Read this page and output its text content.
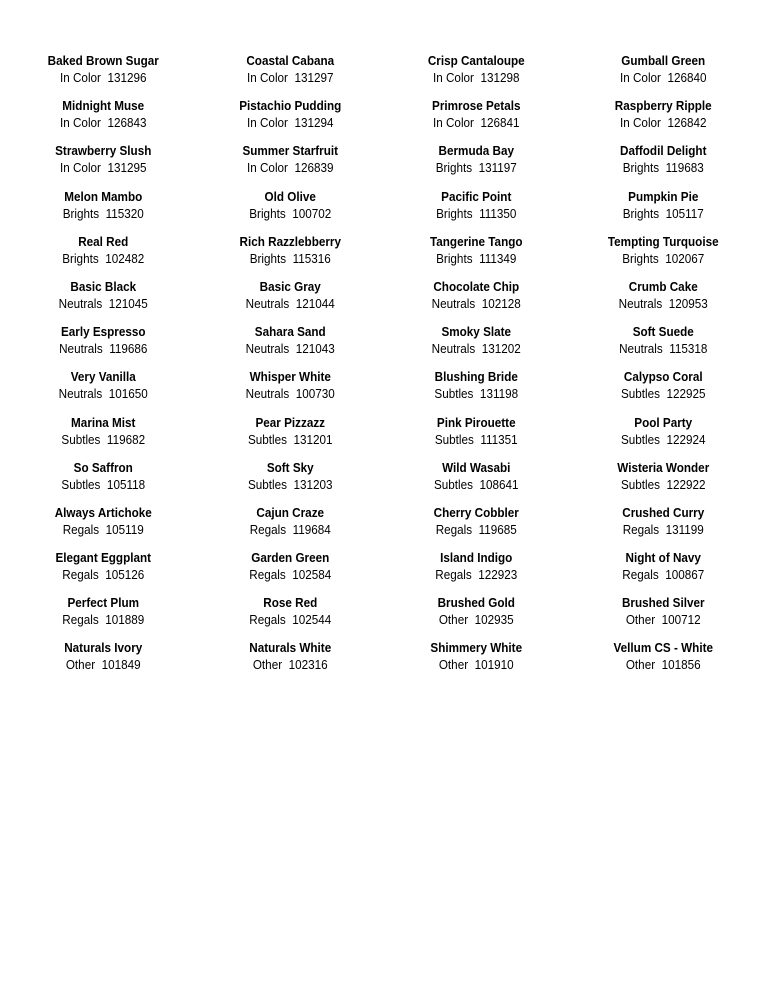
Baked Brown Sugar
In Color 131296
Coastal Cabana
In Color 131297
Crisp Cantaloupe
In Color 131298
Gumball Green
In Color 126840
Midnight Muse
In Color 126843
Pistachio Pudding
In Color 131294
Primrose Petals
In Color 126841
Raspberry Ripple
In Color 126842
Strawberry Slush
In Color 131295
Summer Starfruit
In Color 126839
Bermuda Bay
Brights 131197
Daffodil Delight
Brights 119683
Melon Mambo
Brights 115320
Old Olive
Brights 100702
Pacific Point
Brights 111350
Pumpkin Pie
Brights 105117
Real Red
Brights 102482
Rich Razzlebberry
Brights 115316
Tangerine Tango
Brights 111349
Tempting Turquoise
Brights 102067
Basic Black
Neutrals 121045
Basic Gray
Neutrals 121044
Chocolate Chip
Neutrals 102128
Crumb Cake
Neutrals 120953
Early Espresso
Neutrals 119686
Sahara Sand
Neutrals 121043
Smoky Slate
Neutrals 131202
Soft Suede
Neutrals 115318
Very Vanilla
Neutrals 101650
Whisper White
Neutrals 100730
Blushing Bride
Subtles 131198
Calypso Coral
Subtles 122925
Marina Mist
Subtles 119682
Pear Pizzazz
Subtles 131201
Pink Pirouette
Subtles 111351
Pool Party
Subtles 122924
So Saffron
Subtles 105118
Soft Sky
Subtles 131203
Wild Wasabi
Subtles 108641
Wisteria Wonder
Subtles 122922
Always Artichoke
Regals 105119
Cajun Craze
Regals 119684
Cherry Cobbler
Regals 119685
Crushed Curry
Regals 131199
Elegant Eggplant
Regals 105126
Garden Green
Regals 102584
Island Indigo
Regals 122923
Night of Navy
Regals 100867
Perfect Plum
Regals 101889
Rose Red
Regals 102544
Brushed Gold
Other 102935
Brushed Silver
Other 100712
Naturals Ivory
Other 101849
Naturals White
Other 102316
Shimmery White
Other 101910
Vellum CS - White
Other 101856
